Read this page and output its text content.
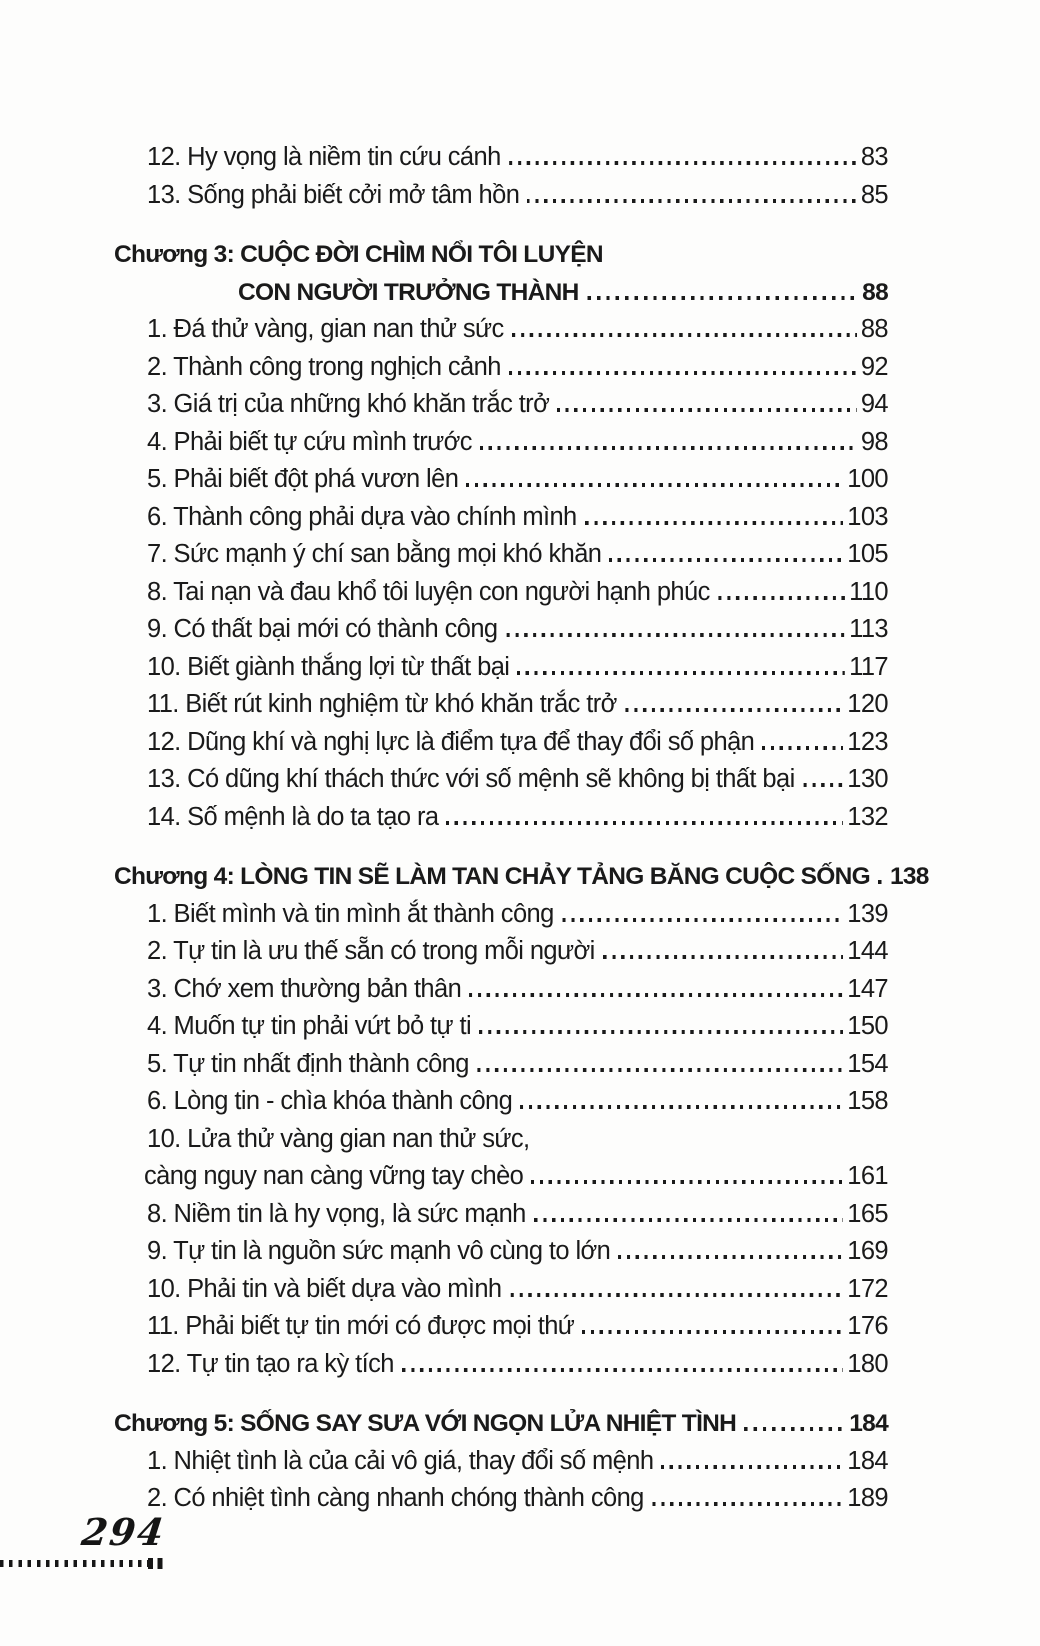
12. Hy vọng là niềm tin cứu cánh	83
13. Sống phải biết cởi mở tâm hồn	85
Chương 3: CUỘC ĐỜI CHÌM NỔI TÔI LUYỆN
CON NGƯỜI TRƯỞNG THÀNH	88
1. Đá thử vàng, gian nan thử sức	88
2. Thành công trong nghịch cảnh	92
3. Giá trị của những khó khăn trắc trở	94
4. Phải biết tự cứu mình trước	98
5. Phải biết đột phá vươn lên	100
6. Thành công phải dựa vào chính mình	103
7. Sức mạnh ý chí san bằng mọi khó khăn	105
8. Tai nạn và đau khổ tôi luyện con người hạnh phúc	110
9. Có thất bại mới có thành công	113
10. Biết giành thắng lợi từ thất bại	117
11. Biết rút kinh nghiệm từ khó khăn trắc trở	120
12. Dũng khí và nghị lực là điểm tựa để thay đổi số phận	123
13. Có dũng khí thách thức với số mệnh sẽ không bị thất bại 130
14. Số mệnh là do ta tạo ra	132
Chương 4: LÒNG TIN SẼ LÀM TAN CHẢY TẢNG BĂNG CUỘC SỐNG 138
1. Biết mình và tin mình ắt thành công	139
2. Tự tin là ưu thế sẵn có trong mỗi người	144
3. Chớ xem thường bản thân	147
4. Muốn tự tin phải vứt bỏ tự ti	150
5. Tự tin nhất định thành công	154
6. Lòng tin - chìa khóa thành công	158
10. Lửa thử vàng gian nan thử sức,
càng nguy nan càng vững tay chèo	161
8. Niềm tin là hy vọng, là sức mạnh	165
9. Tự tin là nguồn sức mạnh vô cùng to lớn	169
10. Phải tin và biết dựa vào mình	172
11. Phải biết tự tin mới có được mọi thứ	176
12. Tự tin tạo ra kỳ tích	180
Chương 5: SỐNG SAY SƯA VỚI NGỌN LỬA NHIỆT TÌNH	184
1. Nhiệt tình là của cải vô giá, thay đổi số mệnh	184
2. Có nhiệt tình càng nhanh chóng thành công	189
294
